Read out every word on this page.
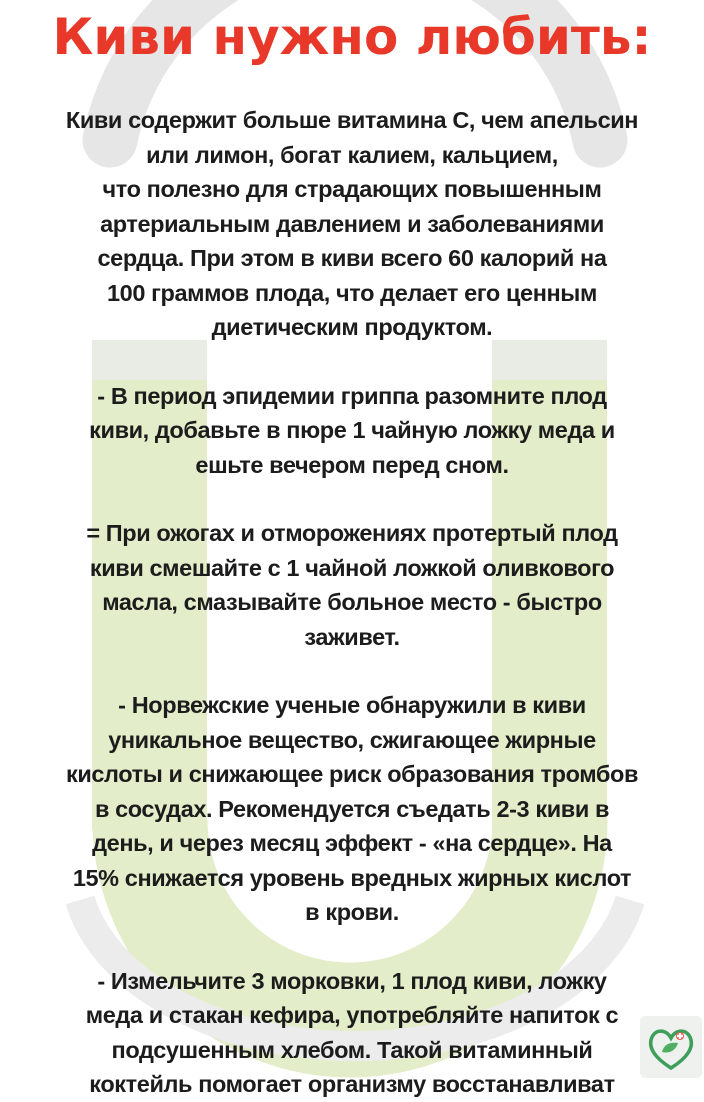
Киви нужно любить:
Киви содержит больше витамина С, чем апельсин
или лимон, богат калием, кальцием,
что полезно для страдающих повышенным
артериальным давлением и заболеваниями
сердца. При этом в киви всего 60 калорий на
100 граммов плода, что делает его ценным
диетическим продуктом.
- В период эпидемии гриппа разомните плод
киви, добавьте в пюре 1 чайную ложку меда и
ешьте вечером перед сном.
= При ожогах и отморожениях протертый плод
киви смешайте с 1 чайной ложкой оливкового
масла, смазывайте больное место - быстро
заживет.
- Норвежские ученые обнаружили в киви
уникальное вещество, сжигающее жирные
кислоты и снижающее риск образования тромбов
в сосудах. Рекомендуется съедать 2-3 киви в
день, и через месяц эффект - «на сердце». На
15% снижается уровень вредных жирных кислот
в крови.
- Измельчите 3 морковки, 1 плод киви, ложку
меда и стакан кефира, употребляйте напиток с
подсушенным хлебом. Такой витаминный
коктейль помогает организму восстанавливат
